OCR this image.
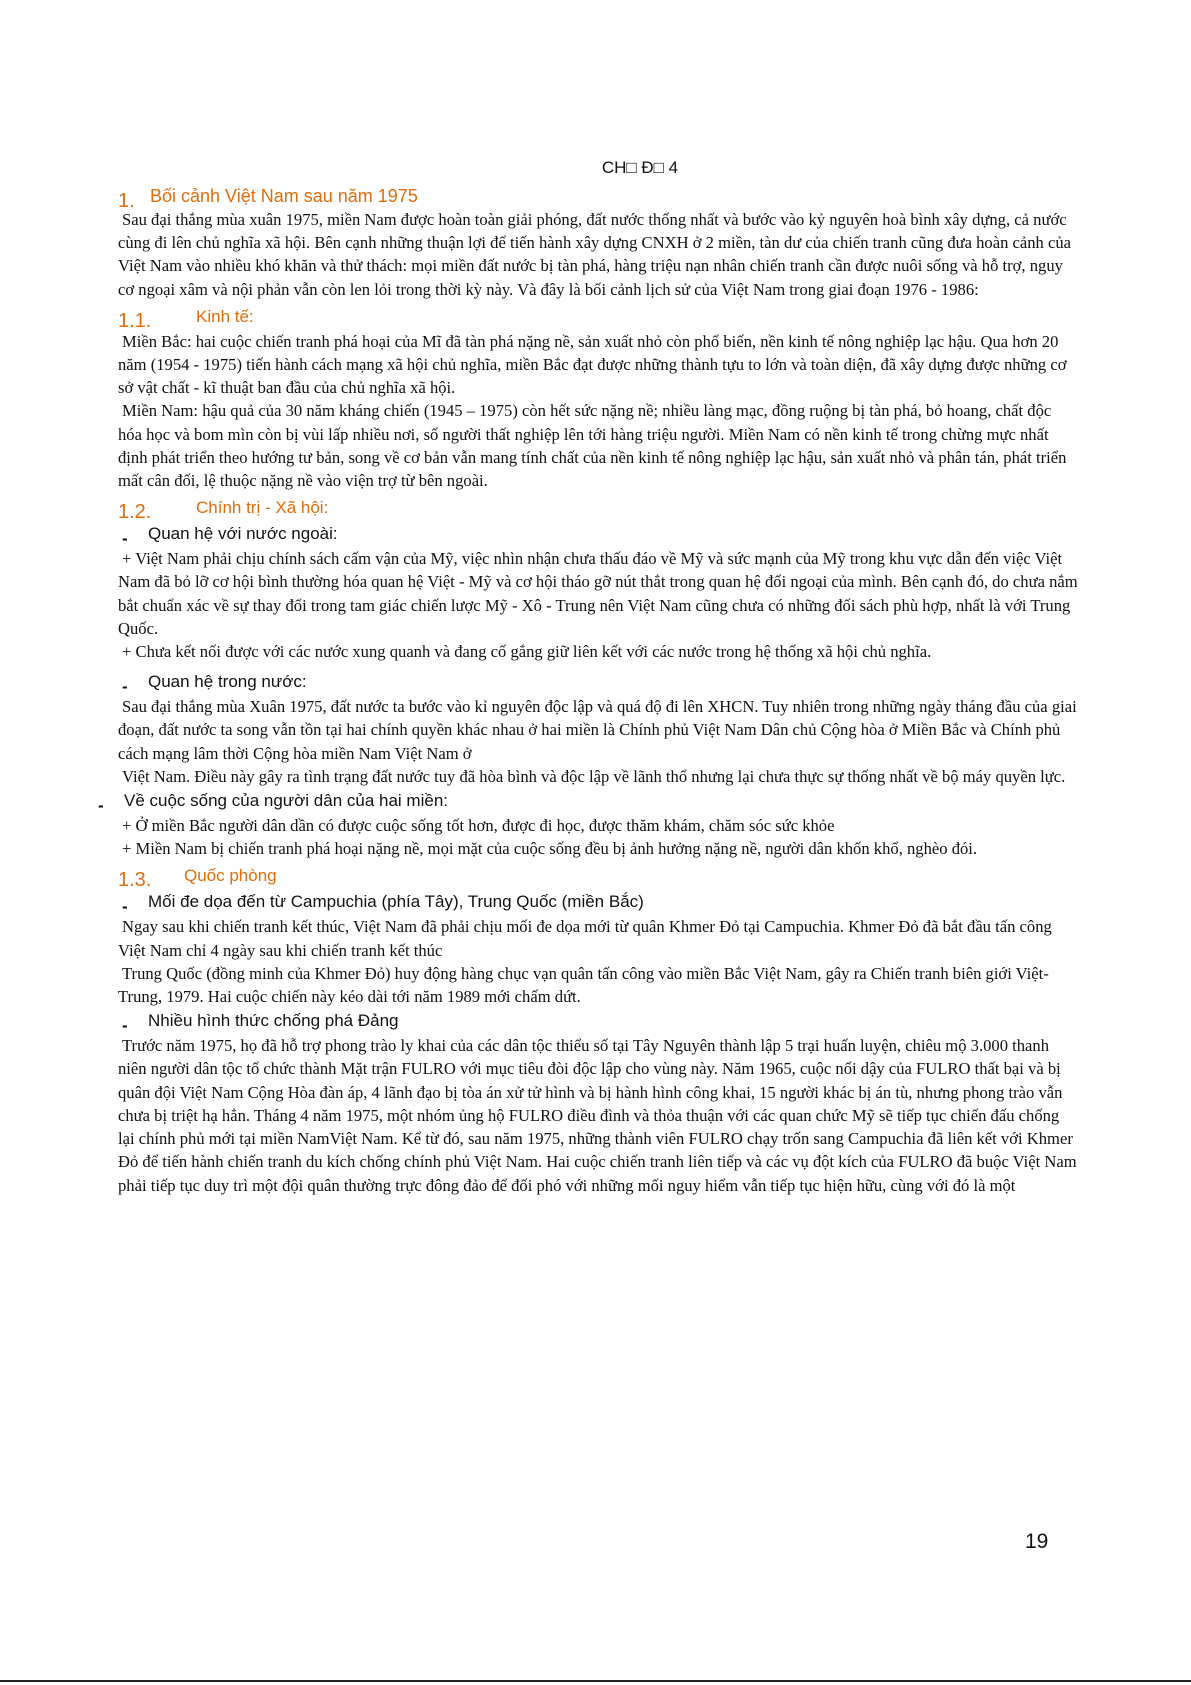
CH□ Đ□ 4
1. Bối cảnh Việt Nam sau năm 1975

Sau đại thắng mùa xuân 1975, miền Nam được hoàn toàn giải phóng, đất nước thống nhất và bước vào kỷ nguyên hoà bình xây dựng, cả nước cùng đi lên chủ nghĩa xã hội. Bên cạnh những thuận lợi để tiến hành xây dựng CNXH ở 2 miền, tàn dư của chiến tranh cũng đưa hoàn cảnh của Việt Nam vào nhiều khó khăn và thử thách: mọi miền đất nước bị tàn phá, hàng triệu nạn nhân chiến tranh cần được nuôi sống và hỗ trợ, nguy cơ ngoại xâm và nội phản vẫn còn len lỏi trong thời kỳ này. Và đây là bối cảnh lịch sử của Việt Nam trong giai đoạn 1976 - 1986:

1.1.	Kinh tế:

Miền Bắc: hai cuộc chiến tranh phá hoại của Mĩ đã tàn phá nặng nề, sản xuất nhỏ còn phổ biến, nền kinh tế nông nghiệp lạc hậu. Qua hơn 20 năm (1954 - 1975) tiến hành cách mạng xã hội chủ nghĩa, miền Bắc đạt được những thành tựu to lớn và toàn diện, đã xây dựng được những cơ sở vật chất - kĩ thuật ban đầu của chủ nghĩa xã hội.

Miền Nam: hậu quả của 30 năm kháng chiến (1945 – 1975) còn hết sức nặng nề; nhiều làng mạc, đồng ruộng bị tàn phá, bỏ hoang, chất độc hóa học và bom mìn còn bị vùi lấp nhiều nơi, số người thất nghiệp lên tới hàng triệu người. Miền Nam có nền kinh tế trong chừng mực nhất định phát triển theo hướng tư bản, song về cơ bản vẫn mang tính chất của nền kinh tế nông nghiệp lạc hậu, sản xuất nhỏ và phân tán, phát triển mất cân đối, lệ thuộc nặng nề vào viện trợ từ bên ngoài.

1.2.	Chính trị - Xã hội:
- Quan hệ với nước ngoài:

+ Việt Nam phải chịu chính sách cấm vận của Mỹ, việc nhìn nhận chưa thấu đáo về Mỹ và sức mạnh của Mỹ trong khu vực dẫn đến việc Việt Nam đã bỏ lỡ cơ hội bình thường hóa quan hệ Việt - Mỹ và cơ hội tháo gỡ nút thắt trong quan hệ đối ngoại của mình. Bên cạnh đó, do chưa nắm bắt chuẩn xác về sự thay đổi trong tam giác chiến lược Mỹ - Xô - Trung nên Việt Nam cũng chưa có những đối sách phù hợp, nhất là với Trung Quốc.

+ Chưa kết nối được với các nước xung quanh và đang cố gắng giữ liên kết với các nước trong hệ thống xã hội chủ nghĩa.

- Quan hệ trong nước:

Sau đại thắng mùa Xuân 1975, đất nước ta bước vào kỉ nguyên độc lập và quá độ đi lên XHCN. Tuy nhiên trong những ngày tháng đầu của giai đoạn, đất nước ta song vẫn tồn tại hai chính quyền khác nhau ở hai miền là Chính phủ Việt Nam Dân chủ Cộng hòa ở Miền Bắc và Chính phủ cách mạng lâm thời Cộng hòa miền Nam Việt Nam ở

Việt Nam. Điều này gây ra tình trạng đất nước tuy đã hòa bình và độc lập về lãnh thổ nhưng lại chưa thực sự thống nhất về bộ máy quyền lực.

- Về cuộc sống của người dân của hai miền:

+ Ở miền Bắc người dân dần có được cuộc sống tốt hơn, được đi học, được thăm khám, chăm sóc sức khỏe

+ Miền Nam bị chiến tranh phá hoại nặng nề, mọi mặt của cuộc sống đều bị ảnh hưởng nặng nề, người dân khốn khổ, nghèo đói.

1.3. Quốc phòng
- Mối đe dọa đến từ Campuchia (phía Tây), Trung Quốc (miền Bắc)

Ngay sau khi chiến tranh kết thúc, Việt Nam đã phải chịu mối đe dọa mới từ quân Khmer Đỏ tại Campuchia. Khmer Đỏ đã bắt đầu tấn công Việt Nam chỉ 4 ngày sau khi chiến tranh kết thúc

Trung Quốc (đồng minh của Khmer Đỏ) huy động hàng chục vạn quân tấn công vào miền Bắc Việt Nam, gây ra Chiến tranh biên giới Việt-Trung, 1979. Hai cuộc chiến này kéo dài tới năm 1989 mới chấm dứt.

- Nhiều hình thức chống phá Đảng

Trước năm 1975, họ đã hỗ trợ phong trào ly khai của các dân tộc thiểu số tại Tây Nguyên thành lập 5 trại huấn luyện, chiêu mộ 3.000 thanh niên người dân tộc tổ chức thành Mặt trận FULRO với mục tiêu đòi độc lập cho vùng này. Năm 1965, cuộc nổi dậy của FULRO thất bại và bị quân đội Việt Nam Cộng Hòa đàn áp, 4 lãnh đạo bị tòa án xử tử hình và bị hành hình công khai, 15 người khác bị án tù, nhưng phong trào vẫn chưa bị triệt hạ hẳn. Tháng 4 năm 1975, một nhóm ủng hộ FULRO điều đình và thỏa thuận với các quan chức Mỹ sẽ tiếp tục chiến đấu chống lại chính phủ mới tại miền NamViệt Nam. Kể từ đó, sau năm 1975, những thành viên FULRO chạy trốn sang Campuchia đã liên kết với Khmer Đỏ để tiến hành chiến tranh du kích chống chính phủ Việt Nam. Hai cuộc chiến tranh liên tiếp và các vụ đột kích của FULRO đã buộc Việt Nam phải tiếp tục duy trì một đội quân thường trực đông đảo để đối phó với những mối nguy hiểm vẫn tiếp tục hiện hữu, cùng với đó là một

19
